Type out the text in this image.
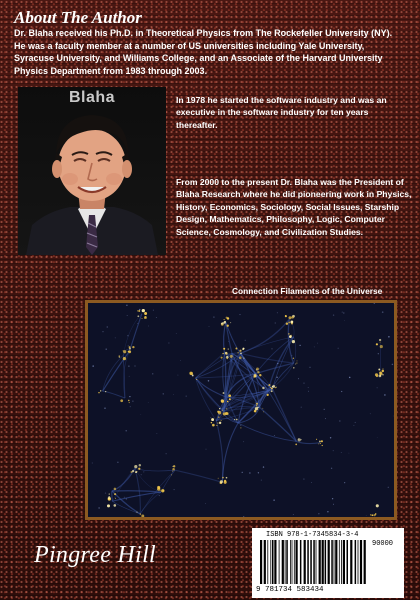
About The Author

Dr. Blaha received his Ph.D. in Theoretical Physics from The Rockefeller University (NY). He was a faculty member at a number of US universities including Yale University, Syracuse University, and Williams College, and an Associate of the Harvard University Physics Department from 1983 through 2003.

Blaha	In 1978 he started the software industry and was an executive in the software industry for ten years thereafter.

From 2000 to the present Dr. Blaha was the President of Blaha Research where he did pioneering work in Physics, History, Economics, Sociology, Social Issues, Starship Design, Mathematics, Philosophy, Logic, Computer Science, Cosmology, and Civilization Studies.

Connection Filaments of the Universe

ISBN 978-1-7345834-3-4
90000
9 781734 583434

Pingree Hill
